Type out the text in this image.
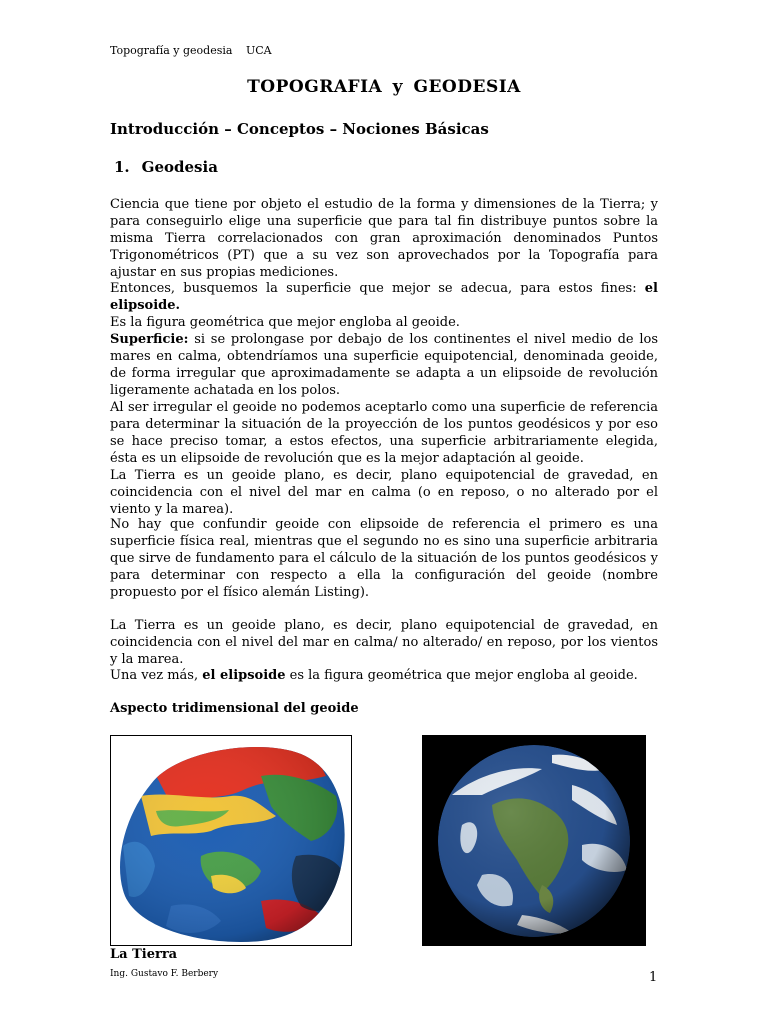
Topografía y geodesia UCA
TOPOGRAFIA y GEODESIA
Introducción – Conceptos – Nociones Básicas
1. Geodesia

Ciencia que tiene por objeto el estudio de la forma y dimensiones de la Tierra; y para conseguirlo elige una superficie que para tal fin distribuye puntos sobre la misma Tierra correlacionados con gran aproximación denominados Puntos Trigonométricos (PT) que a su vez son aprovechados por la Topografía para ajustar en sus propias mediciones.

Entonces, busquemos la superficie que mejor se adecua, para estos fines: el elipsoide.

Es la figura geométrica que mejor engloba al geoide.

Superficie: si se prolongase por debajo de los continentes el nivel medio de los mares en calma, obtendríamos una superficie equipotencial, denominada geoide, de forma irregular que aproximadamente se adapta a un elipsoide de revolución ligeramente achatada en los polos.

Al ser irregular el geoide no podemos aceptarlo como una superficie de referencia para determinar la situación de la proyección de los puntos geodésicos y por eso se hace preciso tomar, a estos efectos, una superficie arbitrariamente elegida, ésta es un elipsoide de revolución que es la mejor adaptación al geoide.

La Tierra es un geoide plano, es decir, plano equipotencial de gravedad, en coincidencia con el nivel del mar en calma (o en reposo, o no alterado por el viento y la marea).

No hay que confundir geoide con elipsoide de referencia el primero es una superficie física real, mientras que el segundo no es sino una superficie arbitraria que sirve de fundamento para el cálculo de la situación de los puntos geodésicos y para determinar con respecto a ella la configuración del geoide (nombre propuesto por el físico alemán Listing).

La Tierra es un geoide plano, es decir, plano equipotencial de gravedad, en coincidencia con el nivel del mar en calma/ no alterado/ en reposo, por los vientos y la marea.

Una vez más, el elipsoide es la figura geométrica que mejor engloba al geoide.

Aspecto tridimensional del geoide
La Tierra
Ing. Gustavo F. Berbery	1
